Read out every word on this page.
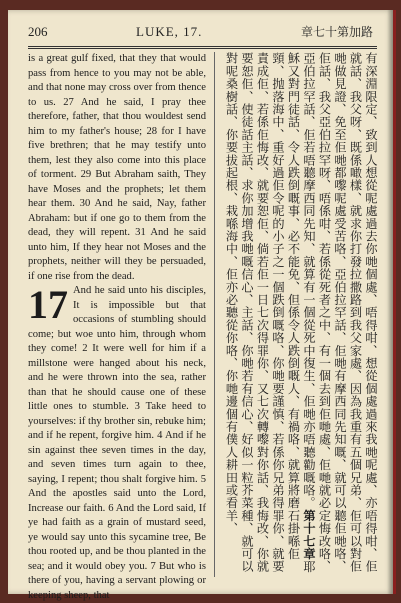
206	LUKE, 17.	章七十第加路

is a great gulf fixed, that they that would pass from hence to you may not be able, and that none may cross over from thence to us. 27 And he said, I pray thee therefore, father, that thou wouldest send him to my father's house; 28 for I have five brethren; that he may testify unto them, lest they also come into this place of torment. 29 But Abraham saith, They have Moses and the prophets; let them hear them. 30 And he said, Nay, father Abraham: but if one go to them from the dead, they will repent. 31 And he said unto him, If they hear not Moses and the prophets, neither will they be persuaded, if one rise from the dead.

17 And he said unto his disciples, It is impossible but that occasions of stumbling should come; but woe unto him, through whom they come! 2 It were well for him if a millstone were hanged about his neck, and he were thrown into the sea, rather than that he should cause one of these little ones to stumble. 3 Take heed to yourselves: if thy brother sin, rebuke him; and if he repent, forgive him. 4 And if he sin against thee seven times in the day, and seven times turn again to thee, saying, I repent; thou shalt forgive him. 5 And the apostles said unto the Lord, Increase our faith. 6 And the Lord said, If ye had faith as a grain of mustard seed, ye would say unto this sycamine tree, Be thou rooted up, and be thou planted in the sea; and it would obey you. 7 But who is there of you, having a servant plowing or keeping sheep, that

有深淵限定、致到人想從呢處過去你哋個處、唔得咁、想從個處過來我哋呢處、亦唔得咁、佢就話、我父呀、既係噉樣、就求你打發拉撒路到我父家處、因為我重有五個兄弟、佢可以對佢哋做見證、免至佢哋都嚟呢處受苦咯、亞伯拉罕話、佢哋有摩西同先知嘅、就可以聽佢哋咯、佢話、我父亞伯拉罕呀、唔係咁、若係從死者之中、有一個去到佢哋處、佢哋就必定悔改咯、亞伯拉罕話、佢若唔聽摩西同先知、就算有一個從死中復生、佢哋亦唔聽勸嘅咯。第十七章耶穌又對門徒話、令人跌倒嘅事、必不能免、但係令人跌倒嘅人、有禍咯、就算將磨石掛喺佢頸、抛落海中、重好過佢令呢的小子之一個跌倒嘅咯、你哋要謹慎、若係你兄弟得罪你、就要責成佢、若係佢悔改、就要恕佢、倘若佢一日七次得罪你、又七次轉嚟對你話、我悔改、你就要恕佢、使徒話主話、求你加增我哋嘅信心、主話、你哋若有信心、好似一粒芥菜種、就可以對呢桑樹話、你要拔起根、栽喺海中、佢亦必聽從你咯、你哋邊個有僕人耕田或看羊、
